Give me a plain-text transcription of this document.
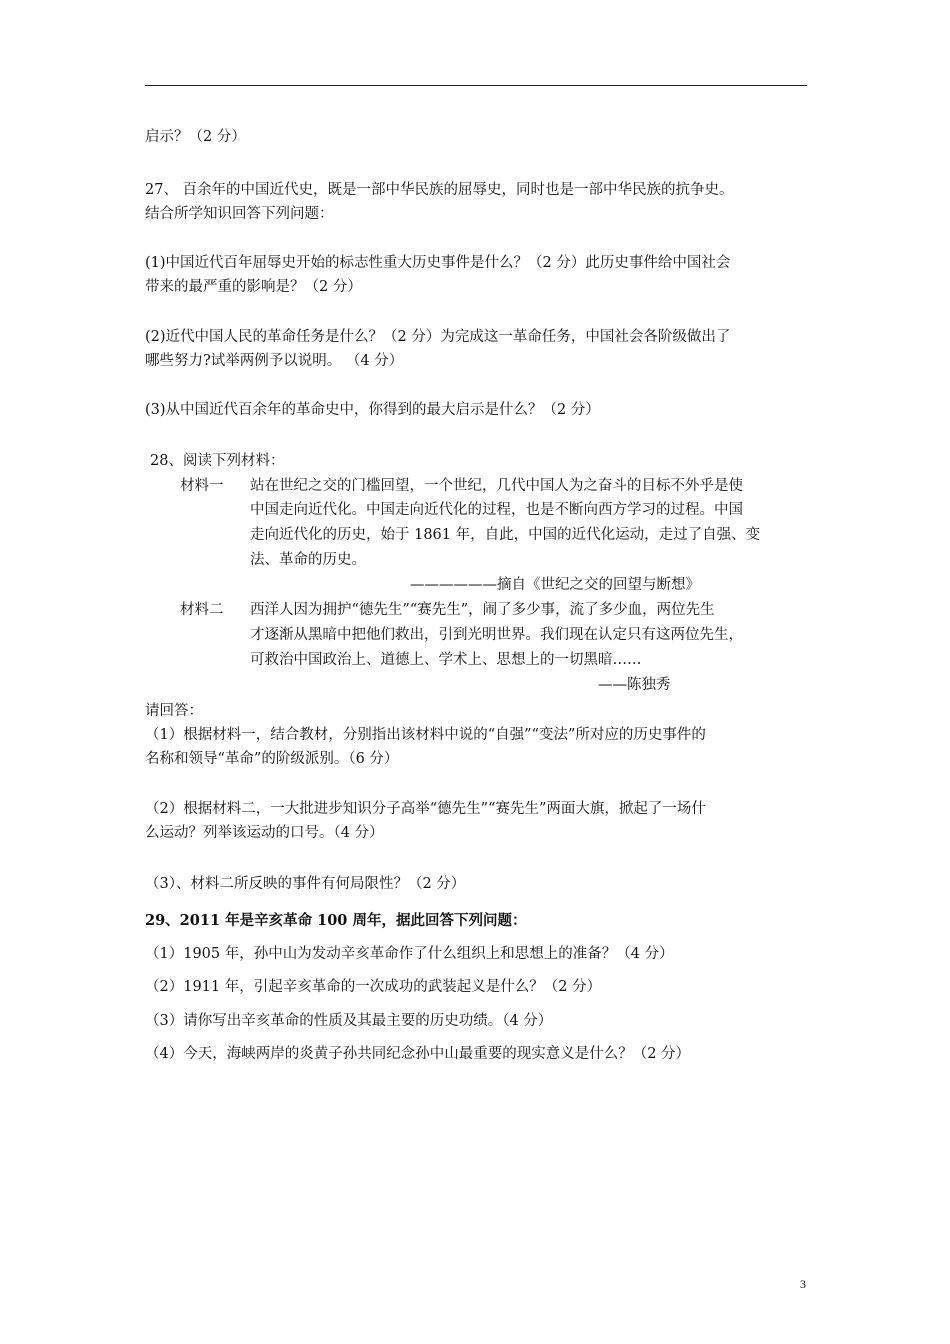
启示？（2 分）
27、 百余年的中国近代史，既是一部中华民族的屈辱史，同时也是一部中华民族的抗争史。
结合所学知识回答下列问题：
(1)中国近代百年屈辱史开始的标志性重大历史事件是什么？（2 分）此历史事件给中国社会
带来的最严重的影响是？（2 分）
(2)近代中国人民的革命任务是什么？（2 分）为完成这一革命任务，中国社会各阶级做出了
哪些努力?试举两例予以说明。 （4 分）
(3)从中国近代百余年的革命史中，你得到的最大启示是什么？（2 分）
28、阅读下列材料：
材料一 站在世纪之交的门槛回望，一个世纪，几代中国人为之奋斗的目标不外乎是使
中国走向近代化。中国走向近代化的过程，也是不断向西方学习的过程。中国
走向近代化的历史，始于 1861 年，自此，中国的近代化运动，走过了自强、变
法、革命的历史。
——————摘自《世纪之交的回望与断想》
材料二 西洋人因为拥护“德先生”“赛先生”，闹了多少事，流了多少血，两位先生
才逐渐从黑暗中把他们救出，引到光明世界。我们现在认定只有这两位先生，
可救治中国政治上、道德上、学术上、思想上的一切黑暗……
——陈独秀
请回答：
（1）根据材料一，结合教材，分别指出该材料中说的“自强”“变法”所对应的历史事件的
名称和领导“革命”的阶级派别。（6 分）
（2）根据材料二，一大批进步知识分子高举“德先生”“赛先生”两面大旗，掀起了一场什
么运动？列举该运动的口号。（4 分）
（3）、材料二所反映的事件有何局限性？（2 分）
29、2011 年是辛亥革命 100 周年，据此回答下列问题：
（1）1905 年，孙中山为发动辛亥革命作了什么组织上和思想上的准备？（4 分）
（2）1911 年，引起辛亥革命的一次成功的武装起义是什么？（2 分）
（3）请你写出辛亥革命的性质及其最主要的历史功绩。（4 分）
（4）今天，海峡两岸的炎黄子孙共同纪念孙中山最重要的现实意义是什么？（2 分）
3
